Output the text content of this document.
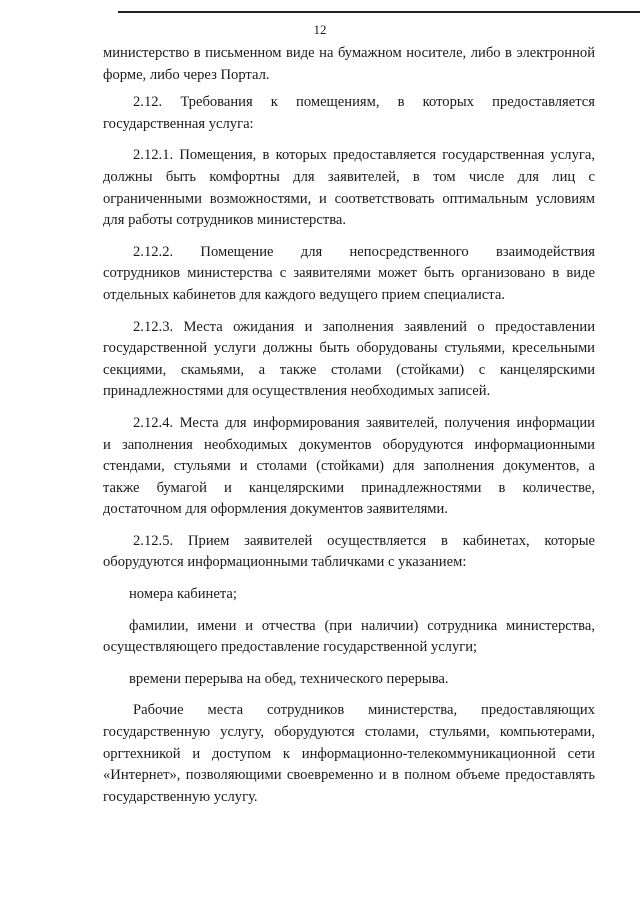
12
министерство в письменном виде на бумажном носителе, либо в электронной
форме, либо через Портал.
2.12. Требования к помещениям, в которых предоставляется
государственная услуга:
2.12.1. Помещения, в которых предоставляется государственная услуга,
должны быть комфортны для заявителей, в том числе для лиц с
ограниченными возможностями, и соответствовать оптимальным условиям
для работы сотрудников министерства.
2.12.2. Помещение для непосредственного взаимодействия
сотрудников министерства с заявителями может быть организовано в виде
отдельных кабинетов для каждого ведущего прием специалиста.
2.12.3. Места ожидания и заполнения заявлений о предоставлении
государственной услуги должны быть оборудованы стульями, кресельными
секциями, скамьями, а также столами (стойками) с канцелярскими
принадлежностями для осуществления необходимых записей.
2.12.4. Места для информирования заявителей, получения информации
и заполнения необходимых документов оборудуются информационными
стендами, стульями и столами (стойками) для заполнения документов, а
также бумагой и канцелярскими принадлежностями в количестве,
достаточном для оформления документов заявителями.
2.12.5. Прием заявителей осуществляется в кабинетах, которые
оборудуются информационными табличками с указанием:
номера кабинета;
фамилии, имени и отчества (при наличии) сотрудника министерства,
осуществляющего предоставление государственной услуги;
времени перерыва на обед, технического перерыва.
Рабочие места сотрудников министерства, предоставляющих
государственную услугу, оборудуются столами, стульями, компьютерами,
оргтехникой и доступом к информационно-телекоммуникационной сети
«Интернет», позволяющими своевременно и в полном объеме предоставлять
государственную услугу.
